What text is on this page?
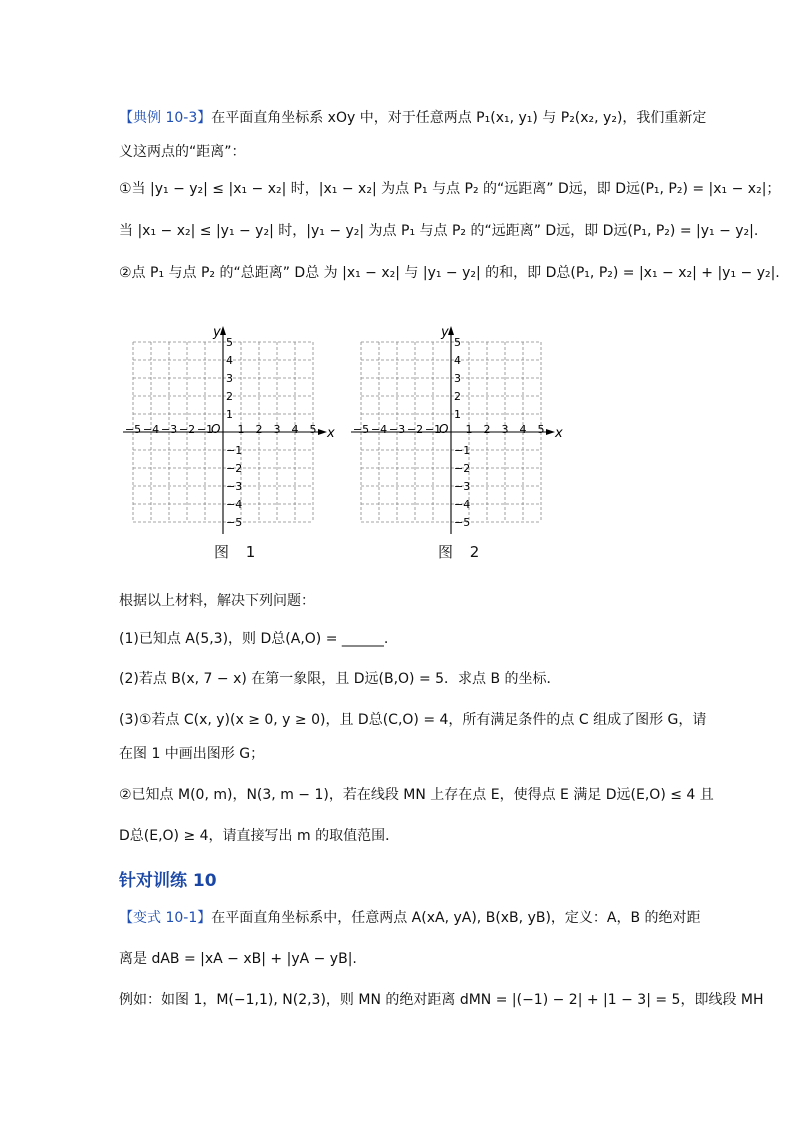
【典例 10-3】在平面直角坐标系 xOy 中，对于任意两点 P₁(x₁, y₁) 与 P₂(x₂, y₂)，我们重新定
义这两点的“距离”：
①当 |y₁ − y₂| ≤ |x₁ − x₂| 时，|x₁ − x₂| 为点 P₁ 与点 P₂ 的“远距离” D远，即 D远(P₁, P₂) = |x₁ − x₂|；
当 |x₁ − x₂| ≤ |y₁ − y₂| 时，|y₁ − y₂| 为点 P₁ 与点 P₂ 的“远距离” D远，即 D远(P₁, P₂) = |y₁ − y₂|.
②点 P₁ 与点 P₂ 的“总距离” D总 为 |x₁ − x₂| 与 |y₁ − y₂| 的和，即 D总(P₁, P₂) = |x₁ − x₂| + |y₁ − y₂|.
x
y
O
−5 −4 −3 −2 −1 1 2 3 4 5
5
4
3
2
1
−1
−2
−3
−4
−5
图 1
x
y
O
−5 −4 −3 −2 −1 1 2 3 4 5
5
4
3
2
1
−1
−2
−3
−4
−5
图 2
根据以上材料，解决下列问题：
(1)已知点 A(5,3)，则 D总(A,O) = ______.
(2)若点 B(x, 7 − x) 在第一象限，且 D远(B,O) = 5．求点 B 的坐标．
(3)①若点 C(x, y)(x ≥ 0, y ≥ 0)，且 D总(C,O) = 4，所有满足条件的点 C 组成了图形 G，请
在图 1 中画出图形 G；
②已知点 M(0, m)，N(3, m − 1)，若在线段 MN 上存在点 E，使得点 E 满足 D远(E,O) ≤ 4 且
D总(E,O) ≥ 4，请直接写出 m 的取值范围．
针对训练 10
【变式 10-1】在平面直角坐标系中，任意两点 A(xA, yA), B(xB, yB)，定义：A，B 的绝对距
离是 dAB = |xA − xB| + |yA − yB|.
例如：如图 1，M(−1,1), N(2,3)，则 MN 的绝对距离 dMN = |(−1) − 2| + |1 − 3| = 5，即线段 MH
